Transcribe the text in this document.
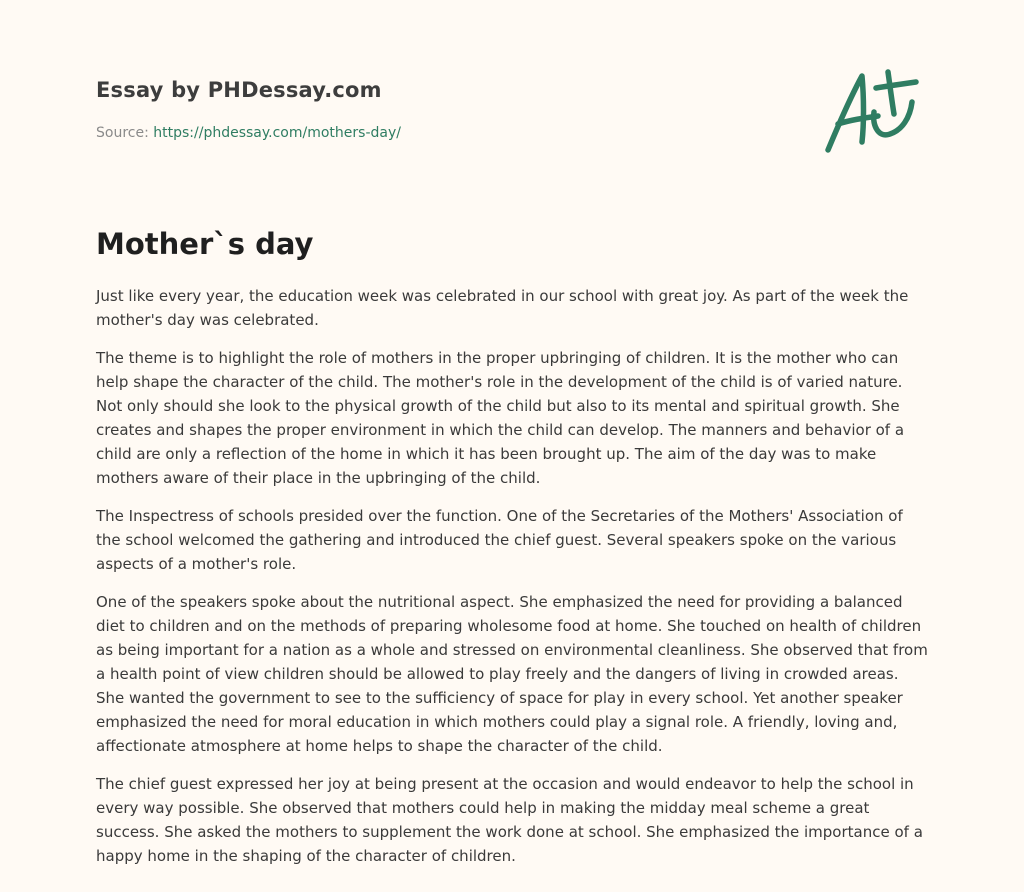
Essay by PHDessay.com
Source: https://phdessay.com/mothers-day/
Mother`s day

Just like every year, the education week was celebrated in our school with great joy. As part of the week the mother's day was celebrated.

The theme is to highlight the role of mothers in the proper upbringing of children. It is the mother who can help shape the character of the child. The mother's role in the development of the child is of varied nature. Not only should she look to the physical growth of the child but also to its mental and spiritual growth. She creates and shapes the proper environment in which the child can develop. The manners and behavior of a child are only a reflection of the home in which it has been brought up. The aim of the day was to make mothers aware of their place in the upbringing of the child.

The Inspectress of schools presided over the function. One of the Secretaries of the Mothers' Association of the school welcomed the gathering and introduced the chief guest. Several speakers spoke on the various aspects of a mother's role.

One of the speakers spoke about the nutritional aspect. She emphasized the need for providing a balanced diet to children and on the methods of preparing wholesome food at home. She touched on health of children as being important for a nation as a whole and stressed on environmental cleanliness. She observed that from a health point of view children should be allowed to play freely and the dangers of living in crowded areas. She wanted the government to see to the sufficiency of space for play in every school. Yet another speaker emphasized the need for moral education in which mothers could play a signal role. A friendly, loving and, affectionate atmosphere at home helps to shape the character of the child.

The chief guest expressed her joy at being present at the occasion and would endeavor to help the school in every way possible. She observed that mothers could help in making the midday meal scheme a great success. She asked the mothers to supplement the work done at school. She emphasized the importance of a happy home in the shaping of the character of children.
